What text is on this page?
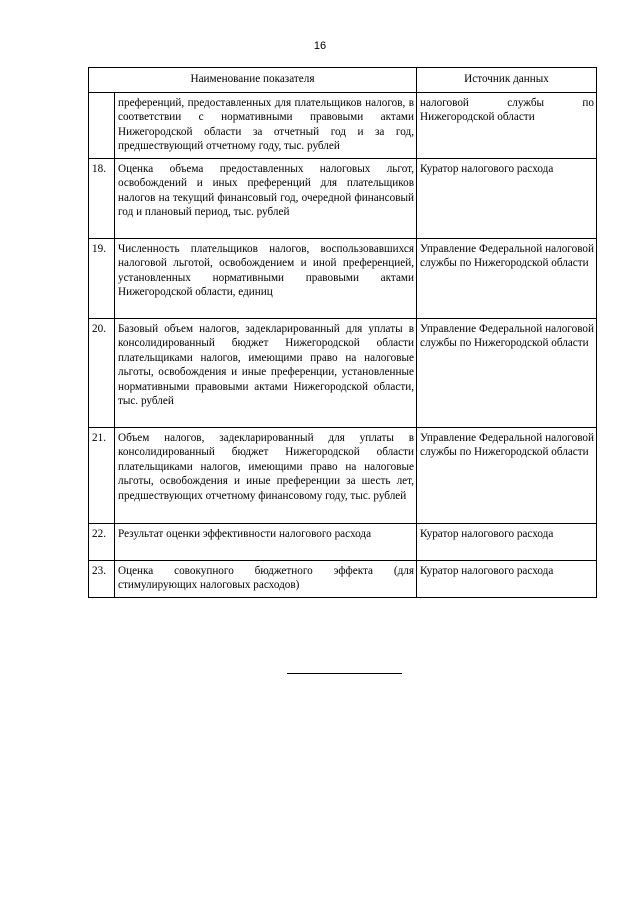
16
Наименование показателя		Источник данных
	преференций, предоставленных для плательщиков налогов, в соответствии с нормативными правовыми актами Нижегородской области за отчетный год и за год, предшествующий отчетному году, тыс. рублей	налоговой службы по Нижегородской области
18.	Оценка объема предоставленных налоговых льгот, освобождений и иных преференций для плательщиков налогов на текущий финансовый год, очередной финансовый год и плановый период, тыс. рублей	Куратор налогового расхода
19.	Численность плательщиков налогов, воспользовавшихся налоговой льготой, освобождением и иной преференцией, установленных нормативными правовыми актами Нижегородской области, единиц	Управление Федеральной налоговой службы по Нижегородской области
20.	Базовый объем налогов, задекларированный для уплаты в консолидированный бюджет Нижегородской области плательщиками налогов, имеющими право на налоговые льготы, освобождения и иные преференции, установленные нормативными правовыми актами Нижегородской области, тыс. рублей	Управление Федеральной налоговой службы по Нижегородской области
21.	Объем налогов, задекларированный для уплаты в консолидированный бюджет Нижегородской области плательщиками налогов, имеющими право на налоговые льготы, освобождения и иные преференции за шесть лет, предшествующих отчетному финансовому году, тыс. рублей	Управление Федеральной налоговой службы по Нижегородской области
22.	Результат оценки эффективности налогового расхода	Куратор налогового расхода
23.	Оценка совокупного бюджетного эффекта (для стимулирующих налоговых расходов)	Куратор налогового расхода
